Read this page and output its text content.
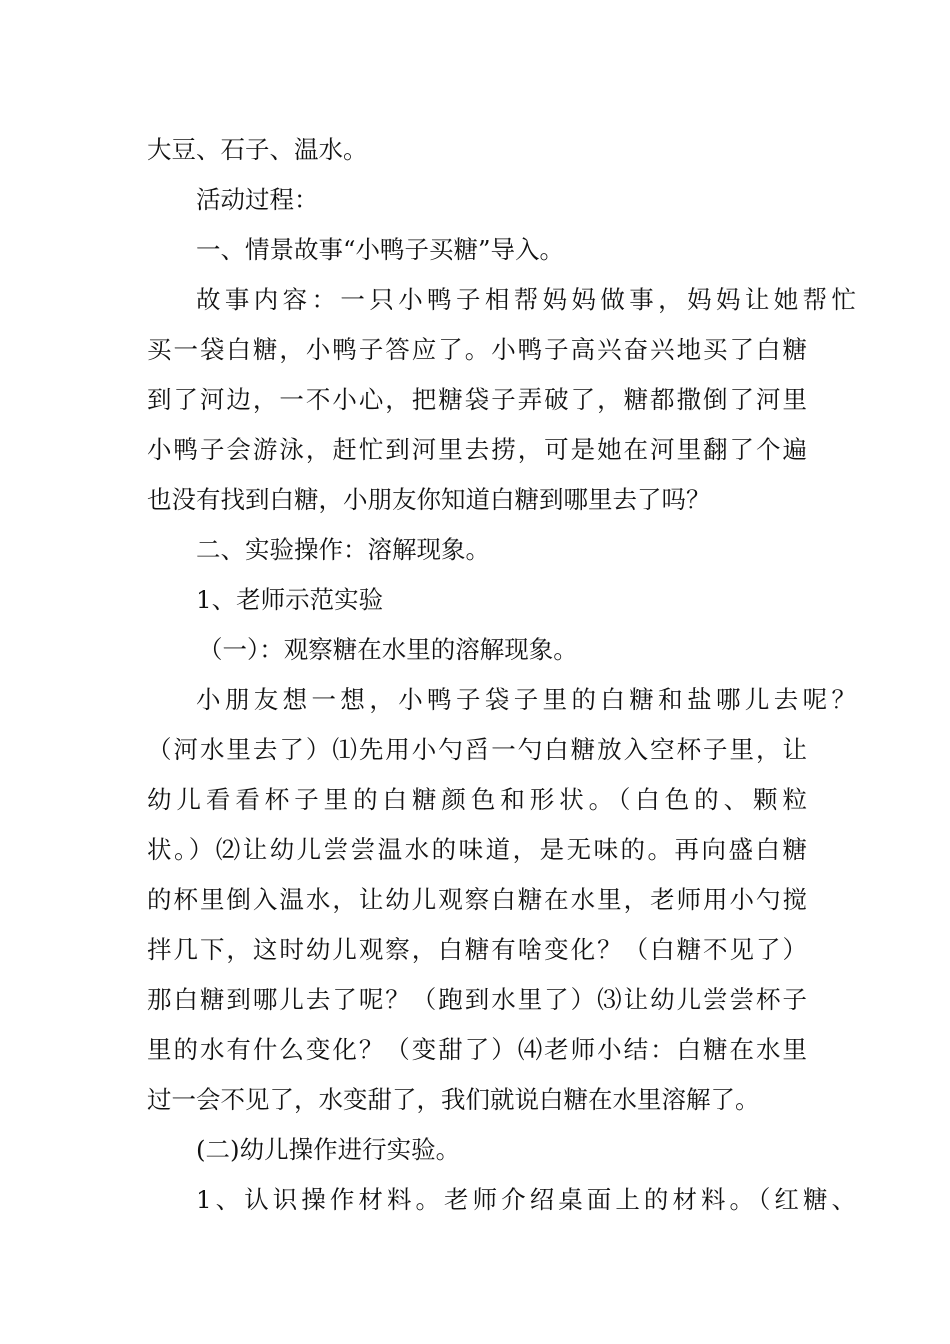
大豆、石子、温水。
活动过程：
一、情景故事“小鸭子买糖”导入。
故事内容：一只小鸭子相帮妈妈做事，妈妈让她帮忙
买一袋白糖，小鸭子答应了。小鸭子高兴奋兴地买了白糖
到了河边，一不小心，把糖袋子弄破了，糖都撒倒了河里
小鸭子会游泳，赶忙到河里去捞，可是她在河里翻了个遍
也没有找到白糖，小朋友你知道白糖到哪里去了吗？
二、实验操作：溶解现象。
1、老师示范实验
（一）：观察糖在水里的溶解现象。
小朋友想一想，小鸭子袋子里的白糖和盐哪儿去呢？
（河水里去了）⑴先用小勺舀一勺白糖放入空杯子里，让
幼儿看看杯子里的白糖颜色和形状。（白色的、颗粒
状。）⑵让幼儿尝尝温水的味道，是无味的。再向盛白糖
的杯里倒入温水，让幼儿观察白糖在水里，老师用小勺搅
拌几下，这时幼儿观察，白糖有啥变化？（白糖不见了）
那白糖到哪儿去了呢？（跑到水里了）⑶让幼儿尝尝杯子
里的水有什么变化？（变甜了）⑷老师小结：白糖在水里
过一会不见了，水变甜了，我们就说白糖在水里溶解了。
(二)幼儿操作进行实验。
1、认识操作材料。老师介绍桌面上的材料。（红糖、
